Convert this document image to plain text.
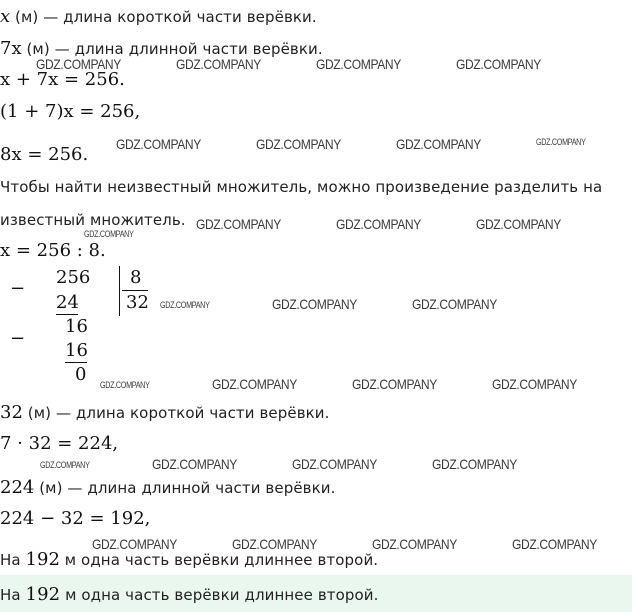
x (м) — длина короткой части верёвки.
7x (м) — длина длинной части верёвки.
x + 7x = 256.
(1 + 7)x = 256,
8x = 256.
Чтобы найти неизвестный множитель, можно произведение разделить на
известный множитель.
x = 256 : 8.
−
256
24
16
−
16
0
8
32
32 (м) — длина короткой части верёвки.
7 · 32 = 224,
224 (м) — длина длинной части верёвки.
224 − 32 = 192,
На 192 м одна часть верёвки длиннее второй.
На 192 м одна часть верёвки длиннее второй.
GDZ.COMPANY	GDZ.COMPANY	GDZ.COMPANY	GDZ.COMPANY
GDZ.COMPANY	GDZ.COMPANY	GDZ.COMPANY	GDZ.COMPANY
GDZ.COMPANY	GDZ.COMPANY	GDZ.COMPANY
GDZ.COMPANY
GDZ.COMPANY	GDZ.COMPANY	GDZ.COMPANY
GDZ.COMPANY	GDZ.COMPANY	GDZ.COMPANY	GDZ.COMPANY
GDZ.COMPANY	GDZ.COMPANY	GDZ.COMPANY	GDZ.COMPANY
GDZ.COMPANY	GDZ.COMPANY	GDZ.COMPANY	GDZ.COMPANY
